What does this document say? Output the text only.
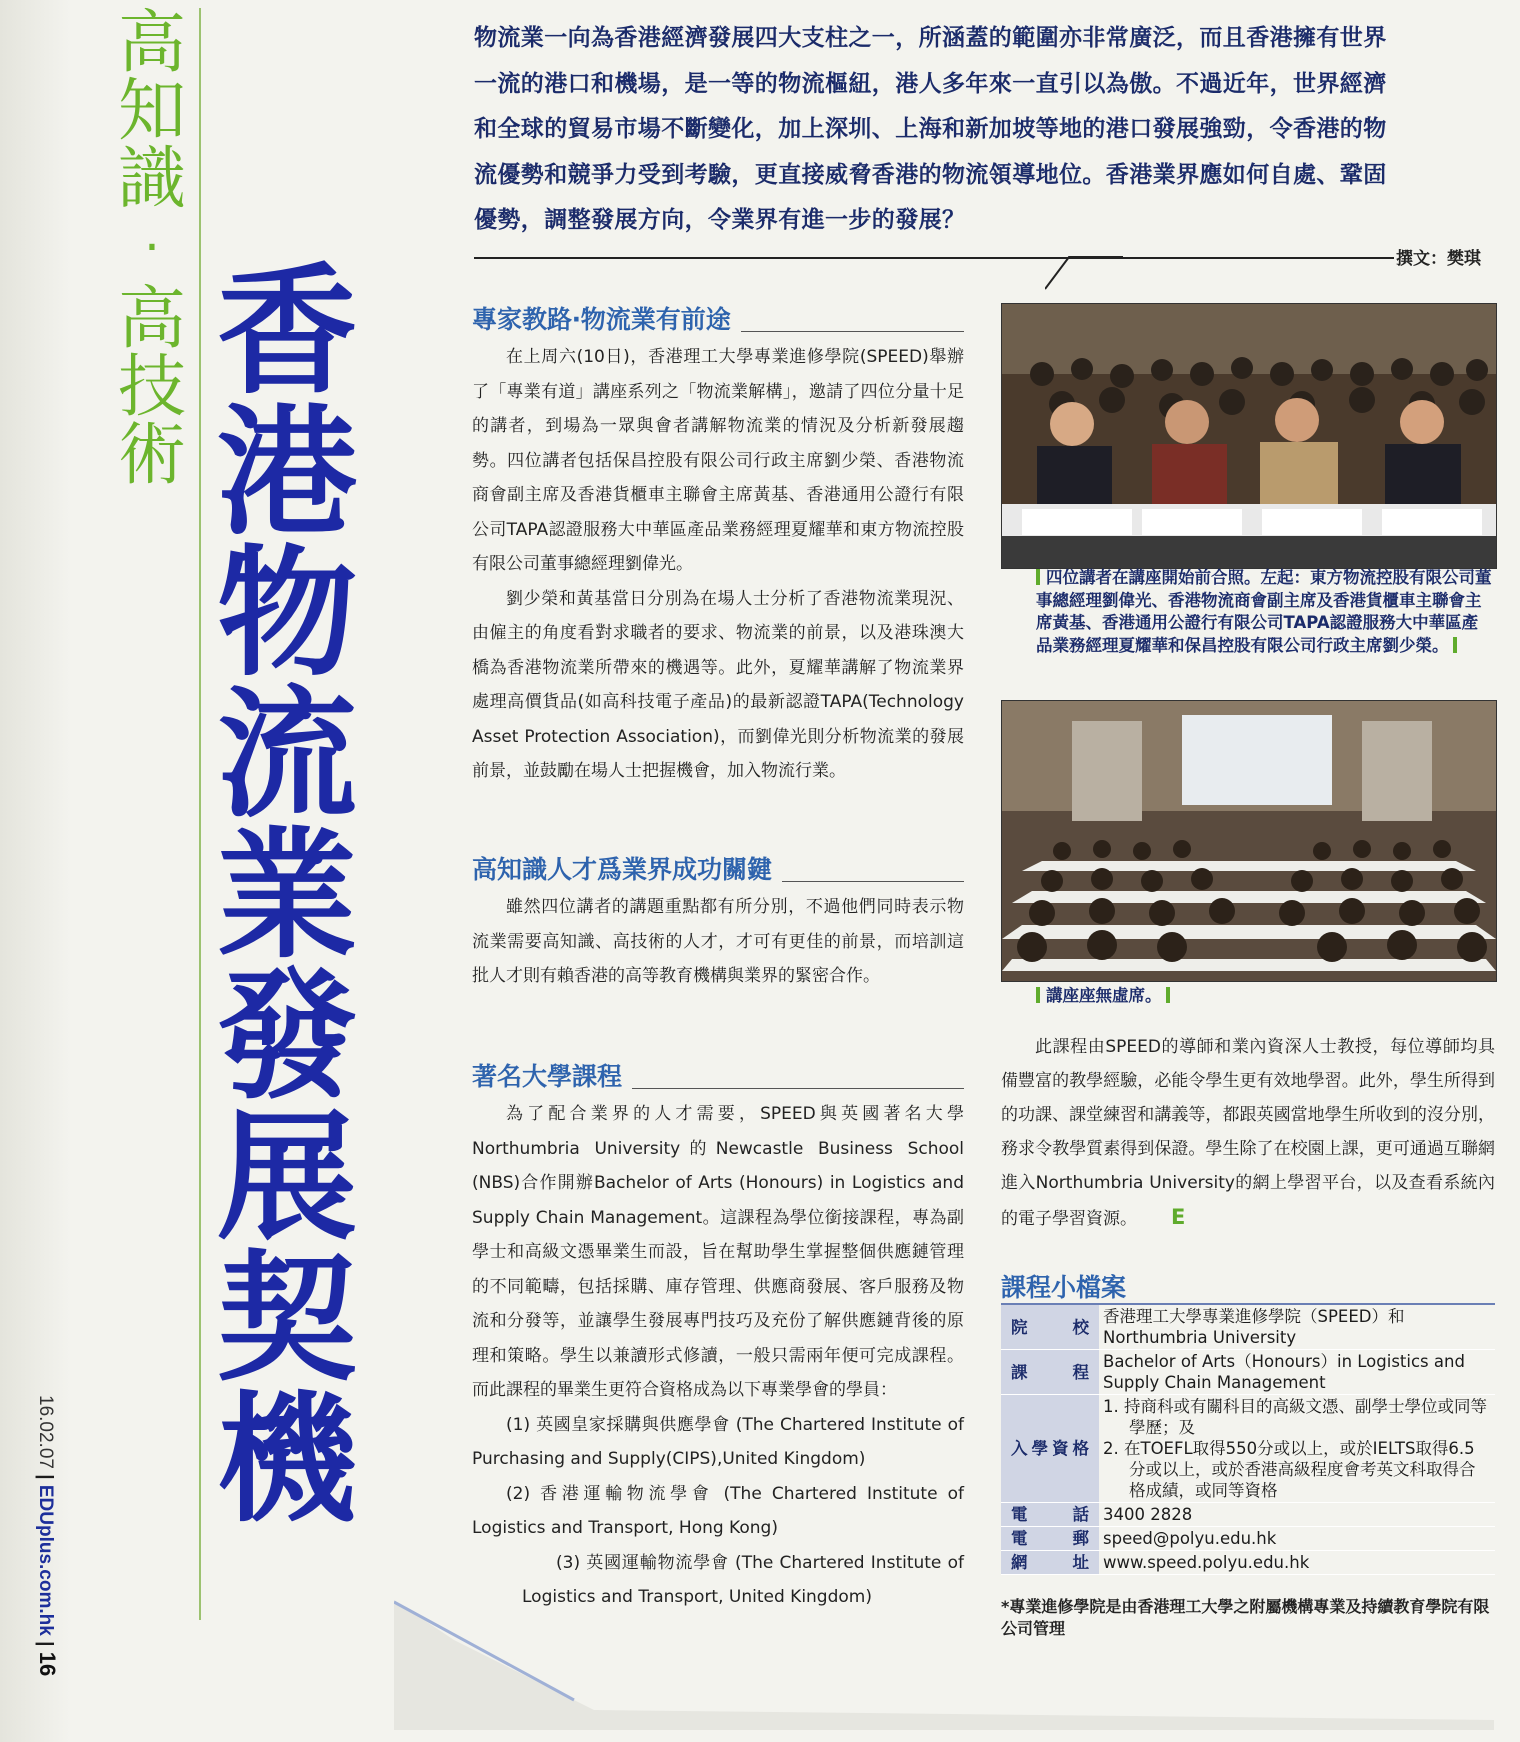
16.02.07 | EDUplus.com.hk | 16
高
知
識
‧
高
技
術
香
港
物
流
業
發
展
契
機
物流業一向為香港經濟發展四大支柱之一，所涵蓋的範圍亦非常廣泛，而且香港擁有世界一流的港口和機場，是一等的物流樞紐，港人多年來一直引以為傲。不過近年，世界經濟和全球的貿易市場不斷變化，加上深圳、上海和新加坡等地的港口發展強勁，令香港的物流優勢和競爭力受到考驗，更直接威脅香港的物流領導地位。香港業界應如何自處、鞏固優勢，調整發展方向，令業界有進一步的發展？
撰文：樊琪
專家教路‧物流業有前途

在上周六(10日)，香港理工大學專業進修學院(SPEED)舉辦了「專業有道」講座系列之「物流業解構」，邀請了四位分量十足的講者，到場為一眾與會者講解物流業的情況及分析新發展趨勢。四位講者包括保昌控股有限公司行政主席劉少榮、香港物流商會副主席及香港貨櫃車主聯會主席黃基、香港通用公證行有限公司TAPA認證服務大中華區產品業務經理夏耀華和東方物流控股有限公司董事總經理劉偉光。

劉少榮和黃基當日分別為在場人士分析了香港物流業現況、由僱主的角度看對求職者的要求、物流業的前景，以及港珠澳大橋為香港物流業所帶來的機遇等。此外，夏耀華講解了物流業界處理高價貨品(如高科技電子產品)的最新認證TAPA(Technology Asset Protection Association)，而劉偉光則分析物流業的發展前景，並鼓勵在場人士把握機會，加入物流行業。

高知識人才爲業界成功關鍵

雖然四位講者的講題重點都有所分別，不過他們同時表示物流業需要高知識、高技術的人才，才可有更佳的前景，而培訓這批人才則有賴香港的高等教育機構與業界的緊密合作。

著名大學課程

為了配合業界的人才需要，SPEED與英國著名大學Northumbria University的Newcastle Business School (NBS)合作開辦Bachelor of Arts (Honours) in Logistics and Supply Chain Management。這課程為學位銜接課程，專為副學士和高級文憑畢業生而設，旨在幫助學生掌握整個供應鏈管理的不同範疇，包括採購、庫存管理、供應商發展、客戶服務及物流和分發等，並讓學生發展專門技巧及充份了解供應鏈背後的原理和策略。學生以兼讀形式修讀，一般只需兩年便可完成課程。而此課程的畢業生更符合資格成為以下專業學會的學員：

(1) 英國皇家採購與供應學會 (The Chartered Institute of Purchasing and Supply(CIPS),United Kingdom)

(2) 香港運輸物流學會 (The Chartered Institute of Logistics and Transport, Hong Kong)

(3) 英國運輸物流學會 (The Chartered Institute of Logistics and Transport, United Kingdom)

四位講者在講座開始前合照。左起：東方物流控股有限公司董事總經理劉偉光、香港物流商會副主席及香港貨櫃車主聯會主席黃基、香港通用公證行有限公司TAPA認證服務大中華區產品業務經理夏耀華和保昌控股有限公司行政主席劉少榮。
講座座無虛席。

此課程由SPEED的導師和業內資深人士教授，每位導師均具備豐富的教學經驗，必能令學生更有效地學習。此外，學生所得到的功課、課堂練習和講義等，都跟英國當地學生所收到的沒分別，務求令教學質素得到保證。學生除了在校園上課，更可通過互聯網進入Northumbria University的網上學習平台，以及查看系統內的電子學習資源。 E

課程小檔案
院校	香港理工大學專業進修學院（SPEED）和Northumbria University
課程	Bachelor of Arts（Honours）in Logistics and Supply Chain Management
入學資格	1. 持商科或有關科目的高級文憑、副學士學位或同等學歷；及
2. 在TOEFL取得550分或以上，或於IELTS取得6.5分或以上，或於香港高級程度會考英文科取得合格成績，或同等資格

電話	3400 2828
電郵	speed@polyu.edu.hk
網址	www.speed.polyu.edu.hk
*專業進修學院是由香港理工大學之附屬機構專業及持續教育學院有限公司管理
